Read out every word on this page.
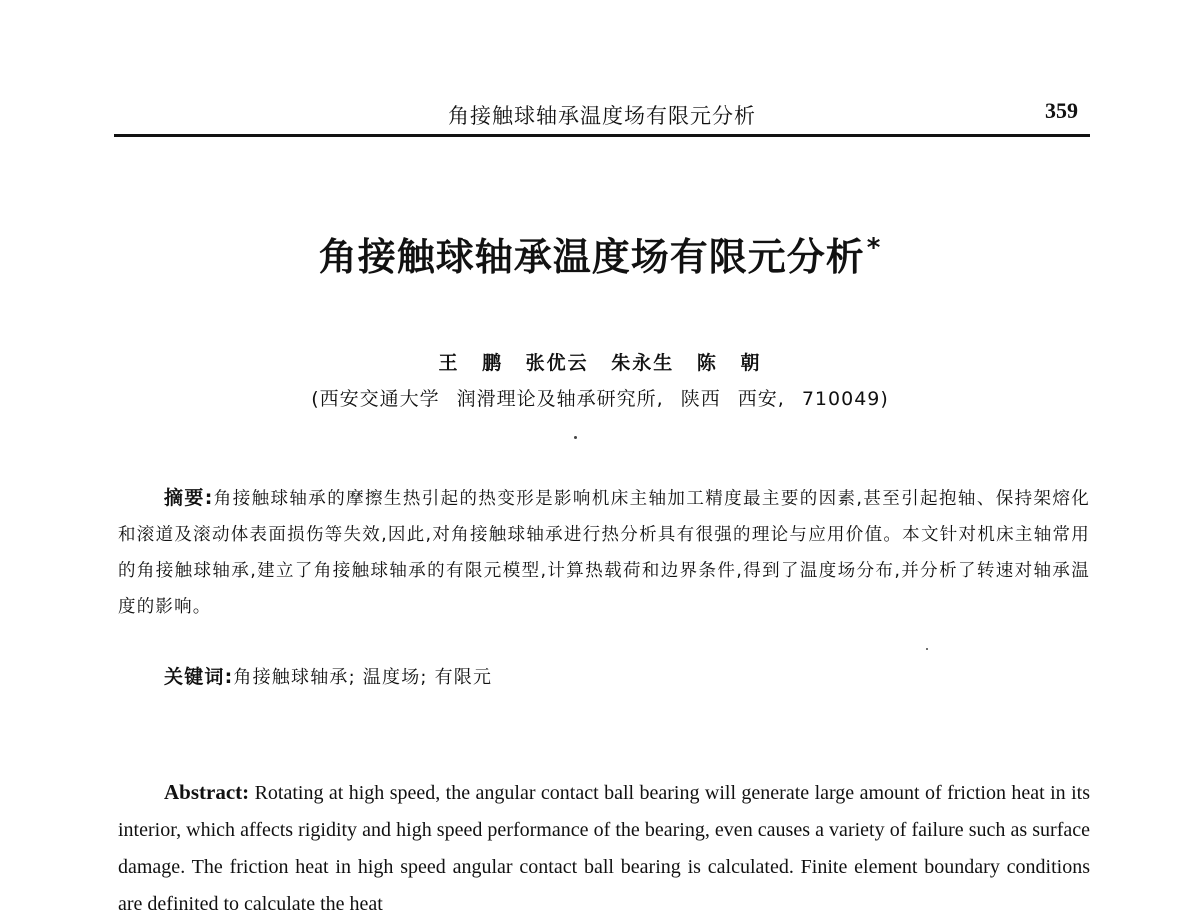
角接触球轴承温度场有限元分析	359
角接触球轴承温度场有限元分析*
王 鹏 张优云 朱永生 陈 朝
(西安交通大学 润滑理论及轴承研究所, 陕西 西安, 710049)

摘要:角接触球轴承的摩擦生热引起的热变形是影响机床主轴加工精度最主要的因素,甚至引起抱轴、保持架熔化和滚道及滚动体表面损伤等失效,因此,对角接触球轴承进行热分析具有很强的理论与应用价值。本文针对机床主轴常用的角接触球轴承,建立了角接触球轴承的有限元模型,计算热载荷和边界条件,得到了温度场分布,并分析了转速对轴承温度的影响。

关键词:角接触球轴承; 温度场; 有限元

Abstract: Rotating at high speed, the angular contact ball bearing will generate large amount of friction heat in its interior, which affects rigidity and high speed performance of the bearing, even causes a variety of failure such as surface damage. The friction heat in high speed angular contact ball bearing is calculated. Finite element boundary conditions are definited to calculate the heat
